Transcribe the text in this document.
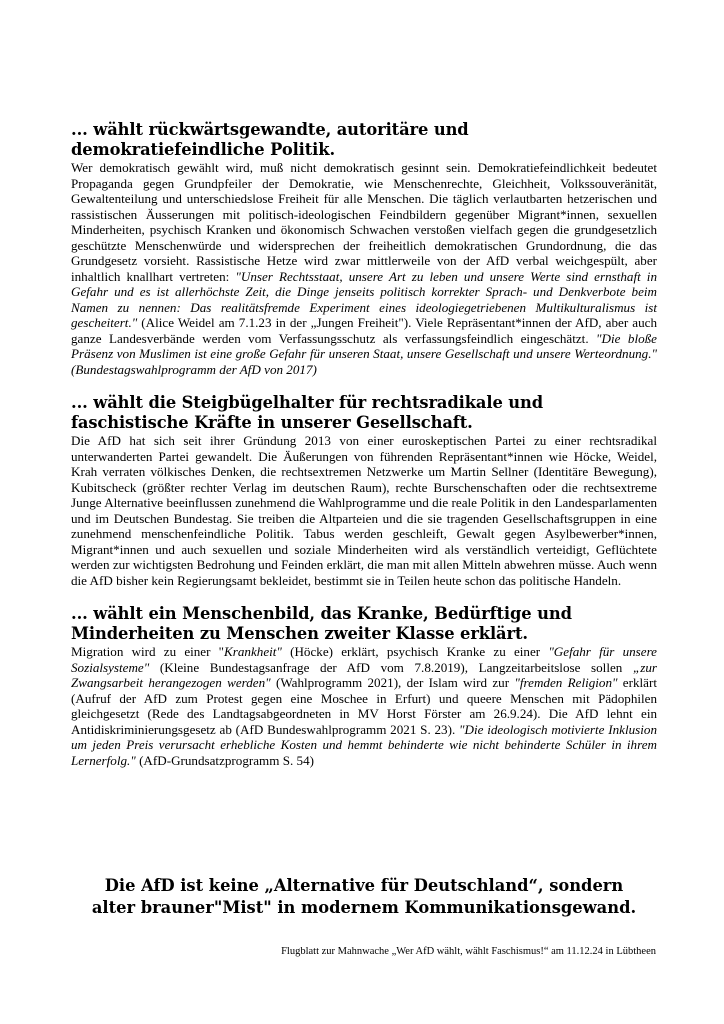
... wählt rückwärtsgewandte, autoritäre und demokratiefeindliche Politik.

Wer demokratisch gewählt wird, muß nicht demokratisch gesinnt sein. Demokratiefeindlichkeit bedeutet Propaganda gegen Grundpfeiler der Demokratie, wie Menschenrechte, Gleichheit, Volkssouveränität, Gewaltenteilung und unterschiedslose Freiheit für alle Menschen. Die täglich verlautbarten hetzerischen und rassistischen Äusserungen mit politisch-ideologischen Feindbildern gegenüber Migrant*innen, sexuellen Minderheiten, psychisch Kranken und ökonomisch Schwachen verstoßen vielfach gegen die grundgesetzlich geschützte Menschenwürde und widersprechen der freiheitlich demokratischen Grundordnung, die das Grundgesetz vorsieht. Rassistische Hetze wird zwar mittlerweile von der AfD verbal weichgespült, aber inhaltlich knallhart vertreten: "Unser Rechtsstaat, unsere Art zu leben und unsere Werte sind ernsthaft in Gefahr und es ist allerhöchste Zeit, die Dinge jenseits politisch korrekter Sprach- und Denkverbote beim Namen zu nennen: Das realitätsfremde Experiment eines ideologiegetriebenen Multikulturalismus ist gescheitert." (Alice Weidel am 7.1.23 in der „Jungen Freiheit"). Viele Repräsentant*innen der AfD, aber auch ganze Landesverbände werden vom Verfassungsschutz als verfassungsfeindlich eingeschätzt. "Die bloße Präsenz von Muslimen ist eine große Gefahr für unseren Staat, unsere Gesellschaft und unsere Werteordnung." (Bundestagswahlprogramm der AfD von 2017)

... wählt die Steigbügelhalter für rechtsradikale und faschistische Kräfte in unserer Gesellschaft.

Die AfD hat sich seit ihrer Gründung 2013 von einer euroskeptischen Partei zu einer rechtsradikal unterwanderten Partei gewandelt. Die Äußerungen von führenden Repräsentant*innen wie Höcke, Weidel, Krah verraten völkisches Denken, die rechtsextremen Netzwerke um Martin Sellner (Identitäre Bewegung), Kubitscheck (größter rechter Verlag im deutschen Raum), rechte Burschenschaften oder die rechtsextreme Junge Alternative beeinflussen zunehmend die Wahlprogramme und die reale Politik in den Landesparlamenten und im Deutschen Bundestag. Sie treiben die Altparteien und die sie tragenden Gesellschaftsgruppen in eine zunehmend menschenfeindliche Politik. Tabus werden geschleift, Gewalt gegen Asylbewerber*innen, Migrant*innen und auch sexuellen und soziale Minderheiten wird als verständlich verteidigt, Geflüchtete werden zur wichtigsten Bedrohung und Feinden erklärt, die man mit allen Mitteln abwehren müsse. Auch wenn die AfD bisher kein Regierungsamt bekleidet, bestimmt sie in Teilen heute schon das politische Handeln.

... wählt ein Menschenbild, das Kranke, Bedürftige und Minderheiten zu Menschen zweiter Klasse erklärt.

Migration wird zu einer "Krankheit" (Höcke) erklärt, psychisch Kranke zu einer "Gefahr für unsere Sozialsysteme" (Kleine Bundestagsanfrage der AfD vom 7.8.2019), Langzeitarbeitslose sollen „zur Zwangsarbeit herangezogen werden" (Wahlprogramm 2021), der Islam wird zur "fremden Religion" erklärt (Aufruf der AfD zum Protest gegen eine Moschee in Erfurt) und queere Menschen mit Pädophilen gleichgesetzt (Rede des Landtagsabgeordneten in MV Horst Förster am 26.9.24). Die AfD lehnt ein Antidiskriminierungsgesetz ab (AfD Bundeswahlprogramm 2021 S. 23). "Die ideologisch motivierte Inklusion um jeden Preis verursacht erhebliche Kosten und hemmt behinderte wie nicht behinderte Schüler in ihrem Lernerfolg." (AfD-Grundsatzprogramm S. 54)

Die AfD ist keine „Alternative für Deutschland“, sondern
alter brauner"Mist" in modernem Kommunikationsgewand.
Flugblatt zur Mahnwache „Wer AfD wählt, wählt Faschismus!“ am 11.12.24 in Lübtheen
